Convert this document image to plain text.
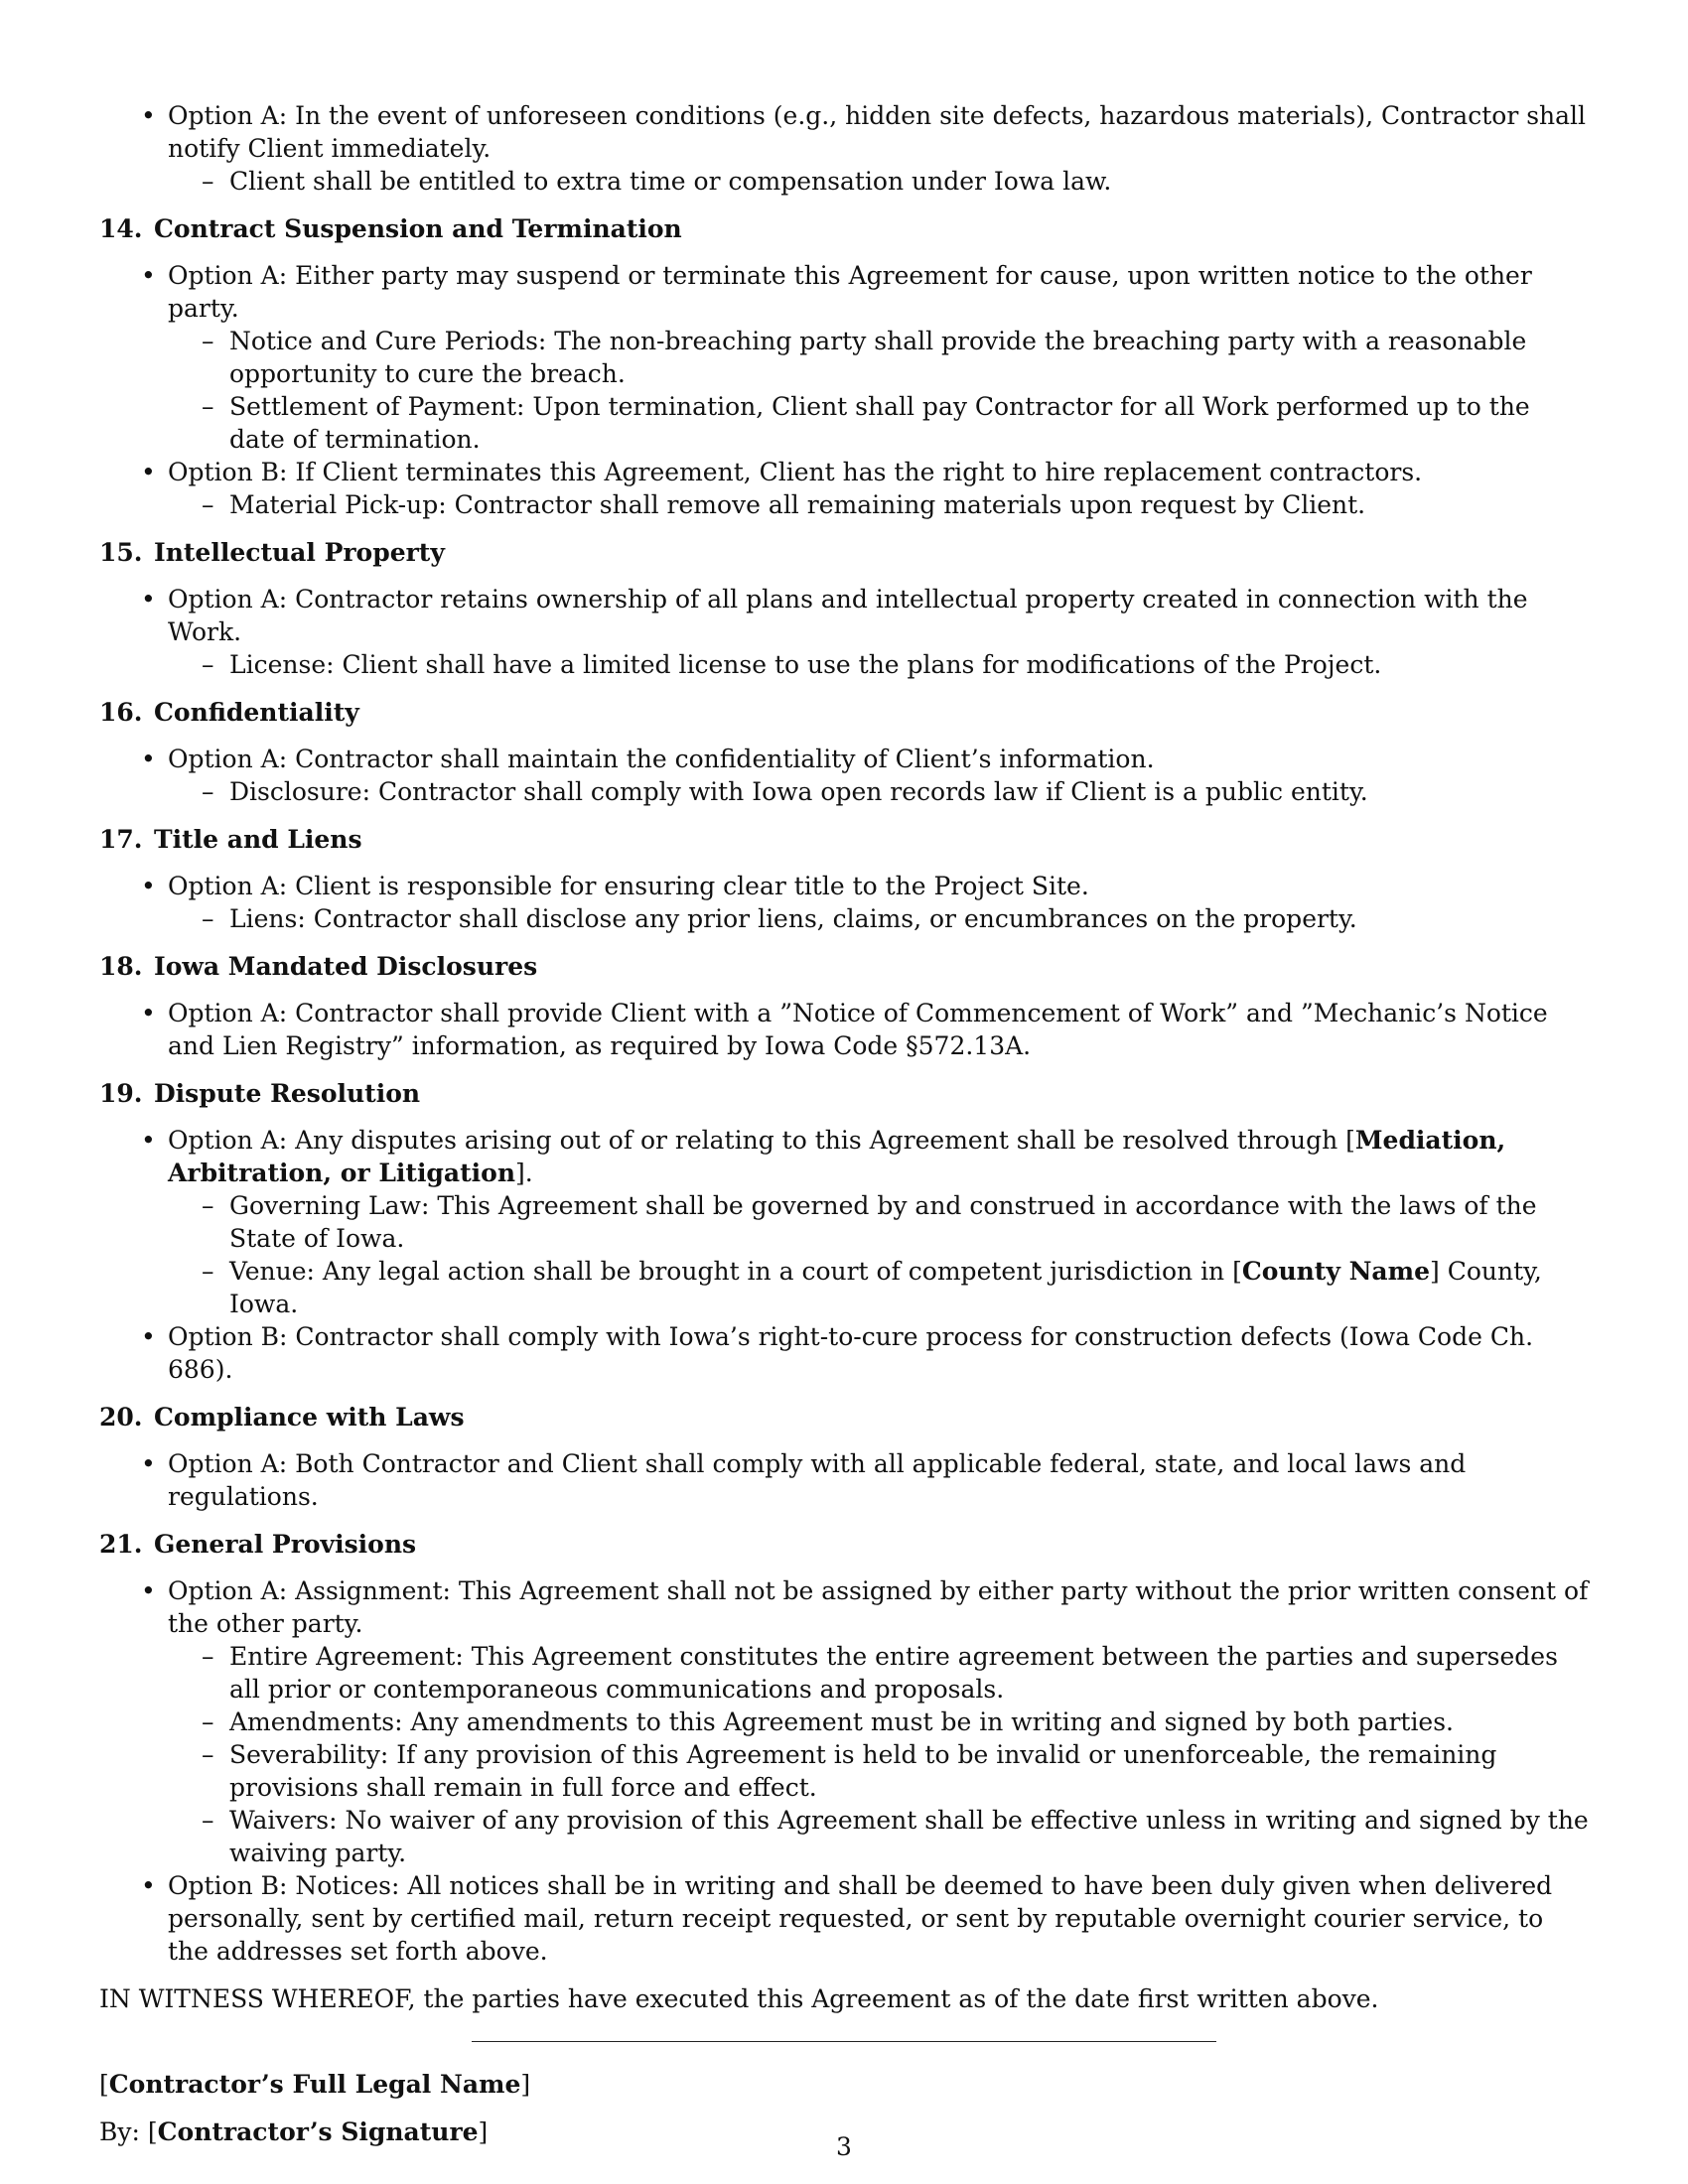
• Option A: In the event of unforeseen conditions (e.g., hidden site defects, hazardous materials), Contractor shall notify Client immediately.
– Client shall be entitled to extra time or compensation under Iowa law.
14. Contract Suspension and Termination
• Option A: Either party may suspend or terminate this Agreement for cause, upon written notice to the other party.
– Notice and Cure Periods: The non-breaching party shall provide the breaching party with a reasonable opportunity to cure the breach.
– Settlement of Payment: Upon termination, Client shall pay Contractor for all Work performed up to the date of termination.
• Option B: If Client terminates this Agreement, Client has the right to hire replacement contractors.
– Material Pick-up: Contractor shall remove all remaining materials upon request by Client.
15. Intellectual Property
• Option A: Contractor retains ownership of all plans and intellectual property created in connection with the Work.
– License: Client shall have a limited license to use the plans for modifications of the Project.
16. Confidentiality
• Option A: Contractor shall maintain the confidentiality of Client’s information.
– Disclosure: Contractor shall comply with Iowa open records law if Client is a public entity.
17. Title and Liens
• Option A: Client is responsible for ensuring clear title to the Project Site.
– Liens: Contractor shall disclose any prior liens, claims, or encumbrances on the property.
18. Iowa Mandated Disclosures
• Option A: Contractor shall provide Client with a ”Notice of Commencement of Work” and ”Mechanic’s Notice and Lien Registry” information, as required by Iowa Code §572.13A.
19. Dispute Resolution
• Option A: Any disputes arising out of or relating to this Agreement shall be resolved through [Mediation, Arbitration, or Litigation].
– Governing Law: This Agreement shall be governed by and construed in accordance with the laws of the State of Iowa.
– Venue: Any legal action shall be brought in a court of competent jurisdiction in [County Name] County, Iowa.
• Option B: Contractor shall comply with Iowa’s right-to-cure process for construction defects (Iowa Code Ch. 686).
20. Compliance with Laws
• Option A: Both Contractor and Client shall comply with all applicable federal, state, and local laws and regulations.
21. General Provisions
• Option A: Assignment: This Agreement shall not be assigned by either party without the prior written consent of the other party.
– Entire Agreement: This Agreement constitutes the entire agreement between the parties and supersedes all prior or contemporaneous communications and proposals.
– Amendments: Any amendments to this Agreement must be in writing and signed by both parties.
– Severability: If any provision of this Agreement is held to be invalid or unenforceable, the remaining provisions shall remain in full force and effect.
– Waivers: No waiver of any provision of this Agreement shall be effective unless in writing and signed by the waiving party.
• Option B: Notices: All notices shall be in writing and shall be deemed to have been duly given when delivered personally, sent by certified mail, return receipt requested, or sent by reputable overnight courier service, to the addresses set forth above.
IN WITNESS WHEREOF, the parties have executed this Agreement as of the date first written above.
[Contractor’s Full Legal Name]
By: [Contractor’s Signature]
3
